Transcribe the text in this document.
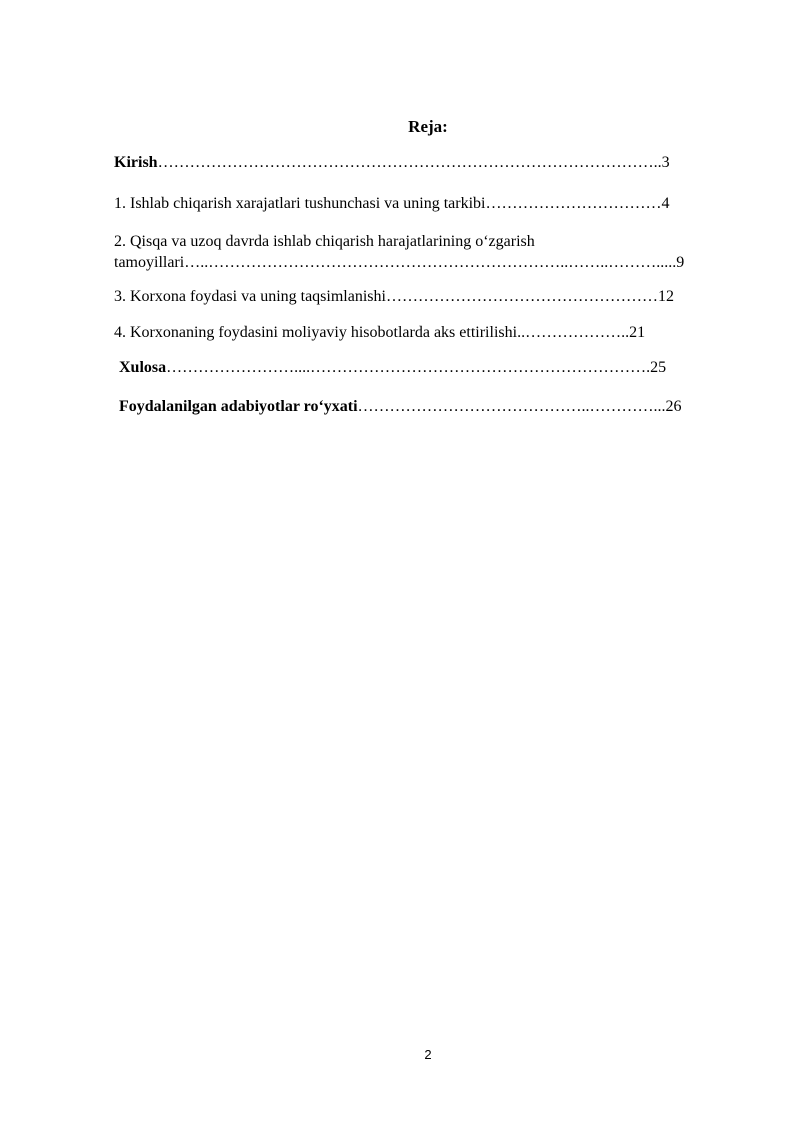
Reja:
Kirish…………………………………………………………………………………..3
1. Ishlab chiqarish xarajatlari tushunchasi va uning tarkibi……………………………4
2. Qisqa va uzoq davrda ishlab chiqarish harajatlarining o‘zgarish
tamoyillari…..…………………………………………………………..……..……….....9
3. Korxona foydasi va uning taqsimlanishi……………………………………………12
4. Korxonaning foydasini moliyaviy hisobotlarda aks ettirilishi..………………..21
Xulosa……………………....……………………………………………………….25
Foydalanilgan adabiyotlar ro‘yxati……………………………………..…………...26
2
